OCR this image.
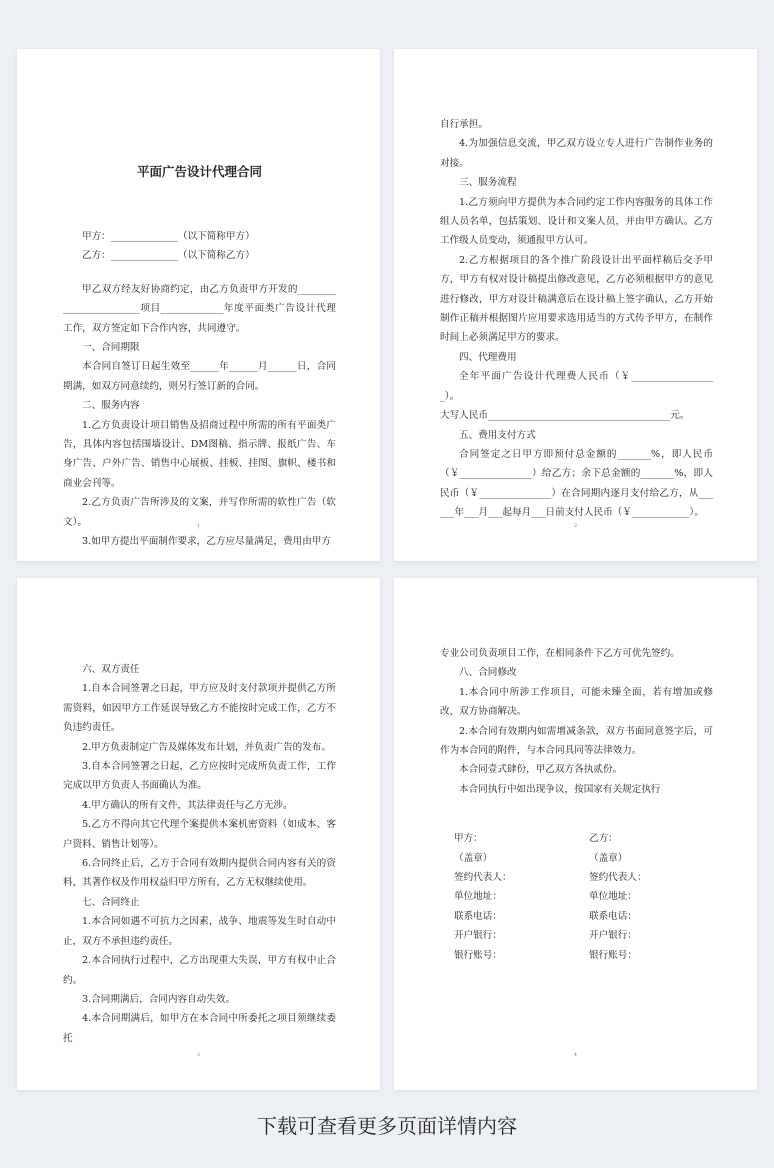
平面广告设计代理合同
甲方：______________（以下简称甲方）
乙方：______________（以下简称乙方）
甲乙双方经友好协商约定，由乙方负责甲方开发的________________________项目_____________年度平面类广告设计代理工作，双方签定如下合作内容，共同遵守。
一、合同期限
本合同自签订日起生效至______年______月______日，合同期满，如双方同意续约，则另行签订新的合同。
二、服务内容
1.乙方负责设计项目销售及招商过程中所需的所有平面类广告，具体内容包括围墙设计、DM图稿、指示牌、报纸广告、车身广告、户外广告、销售中心展板、挂板、挂图、旗帜、楼书和商业会刊等。
2.乙方负责广告所涉及的文案，并写作所需的软性广告（软文）。
3.如甲方提出平面制作要求，乙方应尽量满足，费用由甲方
1
自行承担。
4.为加强信息交流，甲乙双方设立专人进行广告制作业务的对接。
三、服务流程
1.乙方须向甲方提供为本合同约定工作内容服务的具体工作组人员名单，包括策划、设计和文案人员，并由甲方确认。乙方工作级人员变动，须通报甲方认可。
2.乙方根据项目的各个推广阶段设计出平面样稿后交予甲方，甲方有权对设计稿提出修改意见，乙方必须根据甲方的意见进行修改，甲方对设计稿满意后在设计稿上签字确认，乙方开始制作正稿并根据图片应用要求选用适当的方式传予甲方，在制作时间上必须满足甲方的要求。
四、代理费用
全年平面广告设计代理费人民币（￥__________________）。
大写人民币______________________________________元。
五、费用支付方式
合同签定之日甲方即预付总金额的_______%，即人民币（￥_______________）给乙方；余下总金额的_______%，即人民币（￥_______________）在合同期内逐月支付给乙方，从______年___月___起每月___日前支付人民币（￥____________）。
2
六、双方责任
1.自本合同签署之日起，甲方应及时支付款项并提供乙方所需资料，如因甲方工作延误导致乙方不能按时完成工作，乙方不负违约责任。
2.甲方负责制定广告及媒体发布计划，并负责广告的发布。
3.自本合同签署之日起，乙方应按时完成所负责工作，工作完成以甲方负责人书面确认为准。
4.甲方确认的所有文件，其法律责任与乙方无涉。
5.乙方不得向其它代理个案提供本案机密资料（如成本、客户资料、销售计划等）。
6.合同终止后，乙方于合同有效期内提供合同内容有关的资料，其著作权及作用权益归甲方所有，乙方无权继续使用。
七、合同终止
1.本合同如遇不可抗力之因素，战争、地震等发生时自动中止，双方不承担违约责任。
2.本合同执行过程中，乙方出现重大失误，甲方有权中止合约。
3.合同期满后，合同内容自动失效。
4.本合同期满后，如甲方在本合同中所委托之项目须继续委托
3
专业公司负责项目工作，在相同条件下乙方可优先签约。
八、合同修改
1.本合同中所涉工作项目，可能未臻全面，若有增加或修改，双方协商解决。
2.本合同有效期内如需增减条款，双方书面同意签字后，可作为本合同的附件，与本合同具同等法律效力。
本合同壹式肆份，甲乙双方各执贰份。
本合同执行中如出现争议，按国家有关规定执行
甲方：	乙方：
（盖章）	（盖章）
签约代表人：	签约代表人：
单位地址：	单位地址：
联系电话：	联系电话：
开户银行：	开户银行：
银行账号：	银行账号：
4
下载可查看更多页面详情内容
